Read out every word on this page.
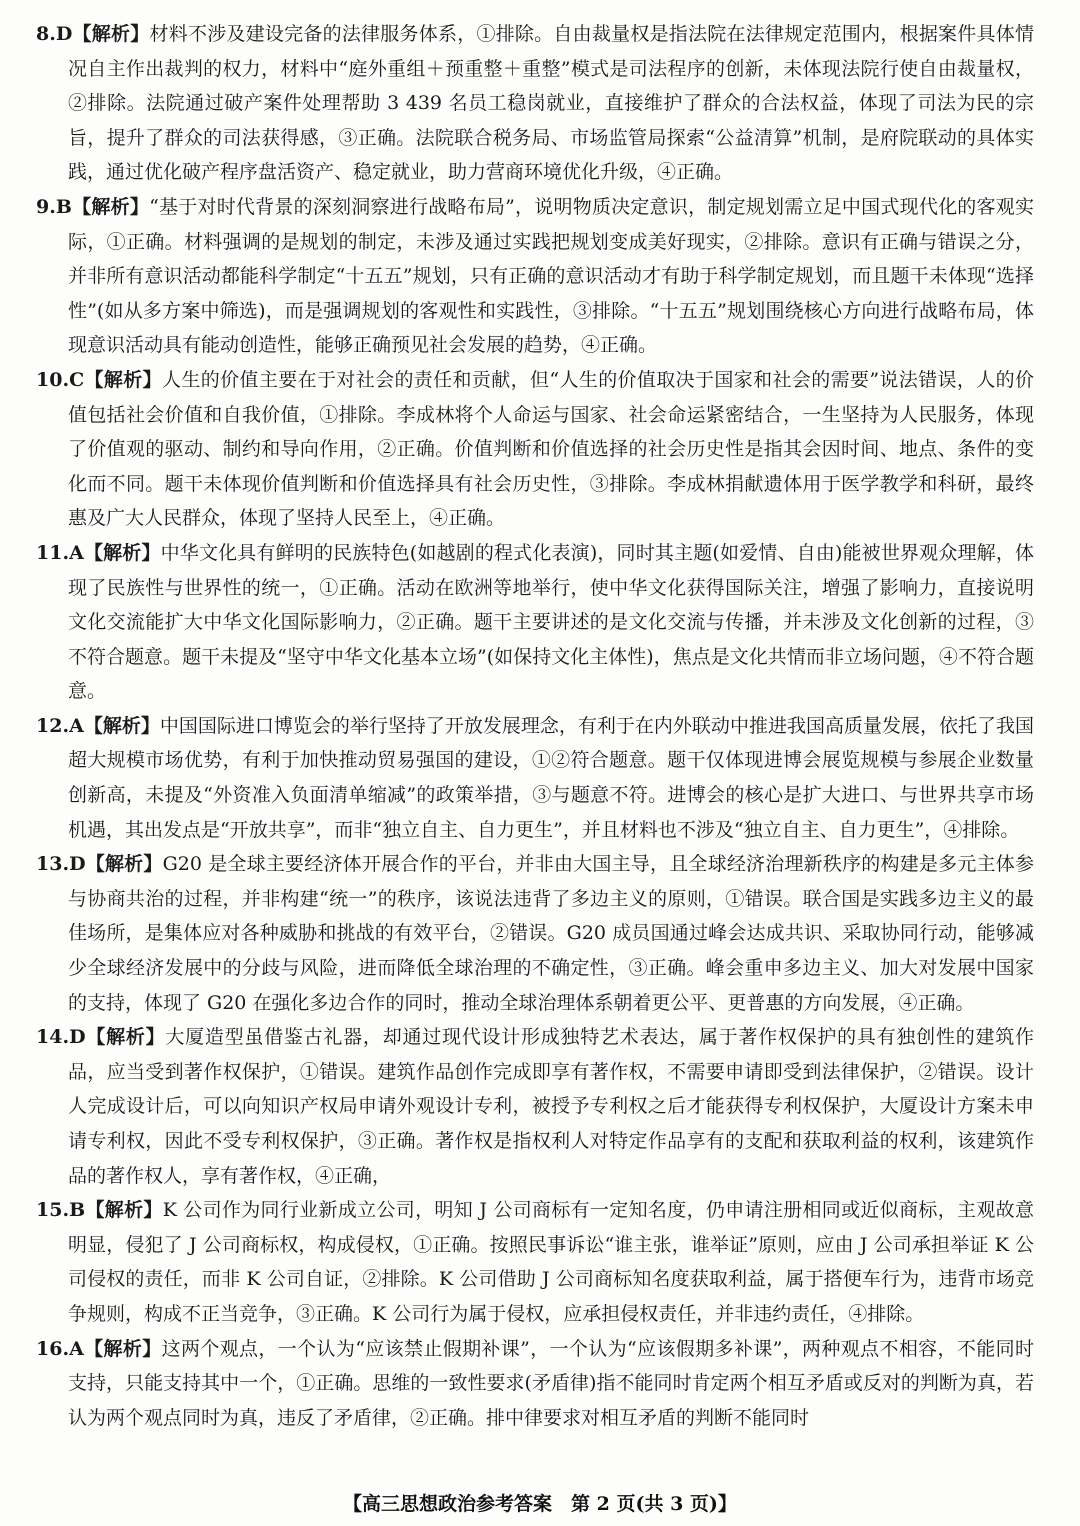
8.D【解析】材料不涉及建设完备的法律服务体系，①排除。自由裁量权是指法院在法律规定范围内，根据案件具体情况自主作出裁判的权力，材料中“庭外重组＋预重整＋重整”模式是司法程序的创新，未体现法院行使自由裁量权，②排除。法院通过破产案件处理帮助 3 439 名员工稳岗就业，直接维护了群众的合法权益，体现了司法为民的宗旨，提升了群众的司法获得感，③正确。法院联合税务局、市场监管局探索“公益清算”机制，是府院联动的具体实践，通过优化破产程序盘活资产、稳定就业，助力营商环境优化升级，④正确。
9.B【解析】“基于对时代背景的深刻洞察进行战略布局”，说明物质决定意识，制定规划需立足中国式现代化的客观实际，①正确。材料强调的是规划的制定，未涉及通过实践把规划变成美好现实，②排除。意识有正确与错误之分，并非所有意识活动都能科学制定“十五五”规划，只有正确的意识活动才有助于科学制定规划，而且题干未体现“选择性”(如从多方案中筛选)，而是强调规划的客观性和实践性，③排除。“十五五”规划围绕核心方向进行战略布局，体现意识活动具有能动创造性，能够正确预见社会发展的趋势，④正确。
10.C【解析】人生的价值主要在于对社会的责任和贡献，但“人生的价值取决于国家和社会的需要”说法错误，人的价值包括社会价值和自我价值，①排除。李成林将个人命运与国家、社会命运紧密结合，一生坚持为人民服务，体现了价值观的驱动、制约和导向作用，②正确。价值判断和价值选择的社会历史性是指其会因时间、地点、条件的变化而不同。题干未体现价值判断和价值选择具有社会历史性，③排除。李成林捐献遗体用于医学教学和科研，最终惠及广大人民群众，体现了坚持人民至上，④正确。
11.A【解析】中华文化具有鲜明的民族特色(如越剧的程式化表演)，同时其主题(如爱情、自由)能被世界观众理解，体现了民族性与世界性的统一，①正确。活动在欧洲等地举行，使中华文化获得国际关注，增强了影响力，直接说明文化交流能扩大中华文化国际影响力，②正确。题干主要讲述的是文化交流与传播，并未涉及文化创新的过程，③不符合题意。题干未提及“坚守中华文化基本立场”(如保持文化主体性)，焦点是文化共情而非立场问题，④不符合题意。
12.A【解析】中国国际进口博览会的举行坚持了开放发展理念，有利于在内外联动中推进我国高质量发展，依托了我国超大规模市场优势，有利于加快推动贸易强国的建设，①②符合题意。题干仅体现进博会展览规模与参展企业数量创新高，未提及“外资准入负面清单缩减”的政策举措，③与题意不符。进博会的核心是扩大进口、与世界共享市场机遇，其出发点是“开放共享”，而非“独立自主、自力更生”，并且材料也不涉及“独立自主、自力更生”，④排除。
13.D【解析】G20 是全球主要经济体开展合作的平台，并非由大国主导，且全球经济治理新秩序的构建是多元主体参与协商共治的过程，并非构建“统一”的秩序，该说法违背了多边主义的原则，①错误。联合国是实践多边主义的最佳场所，是集体应对各种威胁和挑战的有效平台，②错误。G20 成员国通过峰会达成共识、采取协同行动，能够减少全球经济发展中的分歧与风险，进而降低全球治理的不确定性，③正确。峰会重申多边主义、加大对发展中国家的支持，体现了 G20 在强化多边合作的同时，推动全球治理体系朝着更公平、更普惠的方向发展，④正确。
14.D【解析】大厦造型虽借鉴古礼器，却通过现代设计形成独特艺术表达，属于著作权保护的具有独创性的建筑作品，应当受到著作权保护，①错误。建筑作品创作完成即享有著作权，不需要申请即受到法律保护，②错误。设计人完成设计后，可以向知识产权局申请外观设计专利，被授予专利权之后才能获得专利权保护，大厦设计方案未申请专利权，因此不受专利权保护，③正确。著作权是指权利人对特定作品享有的支配和获取利益的权利，该建筑作品的著作权人，享有著作权，④正确，
15.B【解析】K 公司作为同行业新成立公司，明知 J 公司商标有一定知名度，仍申请注册相同或近似商标，主观故意明显，侵犯了 J 公司商标权，构成侵权，①正确。按照民事诉讼“谁主张，谁举证”原则，应由 J 公司承担举证 K 公司侵权的责任，而非 K 公司自证，②排除。K 公司借助 J 公司商标知名度获取利益，属于搭便车行为，违背市场竞争规则，构成不正当竞争，③正确。K 公司行为属于侵权，应承担侵权责任，并非违约责任，④排除。
16.A【解析】这两个观点，一个认为“应该禁止假期补课”，一个认为“应该假期多补课”，两种观点不相容，不能同时支持，只能支持其中一个，①正确。思维的一致性要求(矛盾律)指不能同时肯定两个相互矛盾或反对的判断为真，若认为两个观点同时为真，违反了矛盾律，②正确。排中律要求对相互矛盾的判断不能同时
【高三思想政治参考答案　第 2 页(共 3 页)】
